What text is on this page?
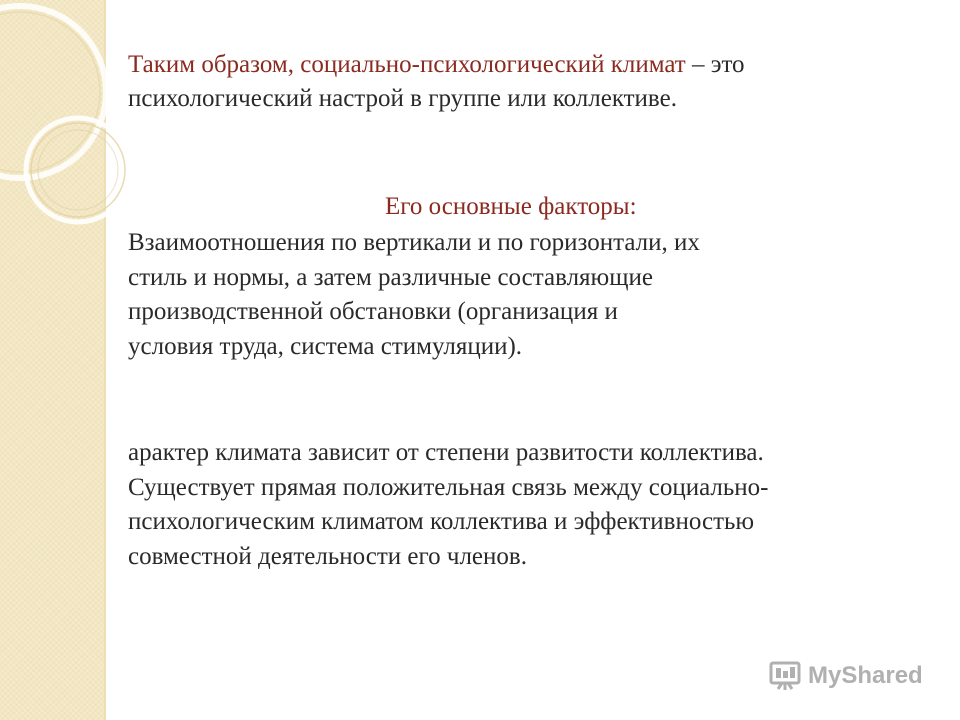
Таким образом, социально-психологический климат – это
психологический настрой в группе или коллективе.
Его основные факторы:
Взаимоотношения по вертикали и по горизонтали, их
стиль и нормы, а затем различные составляющие
производственной обстановки (организация и
условия труда, система стимуляции).
арактер климата зависит от степени развитости коллектива.
Существует прямая положительная связь между социально-
психологическим климатом коллектива и эффективностью
совместной деятельности его членов.
MyShared
